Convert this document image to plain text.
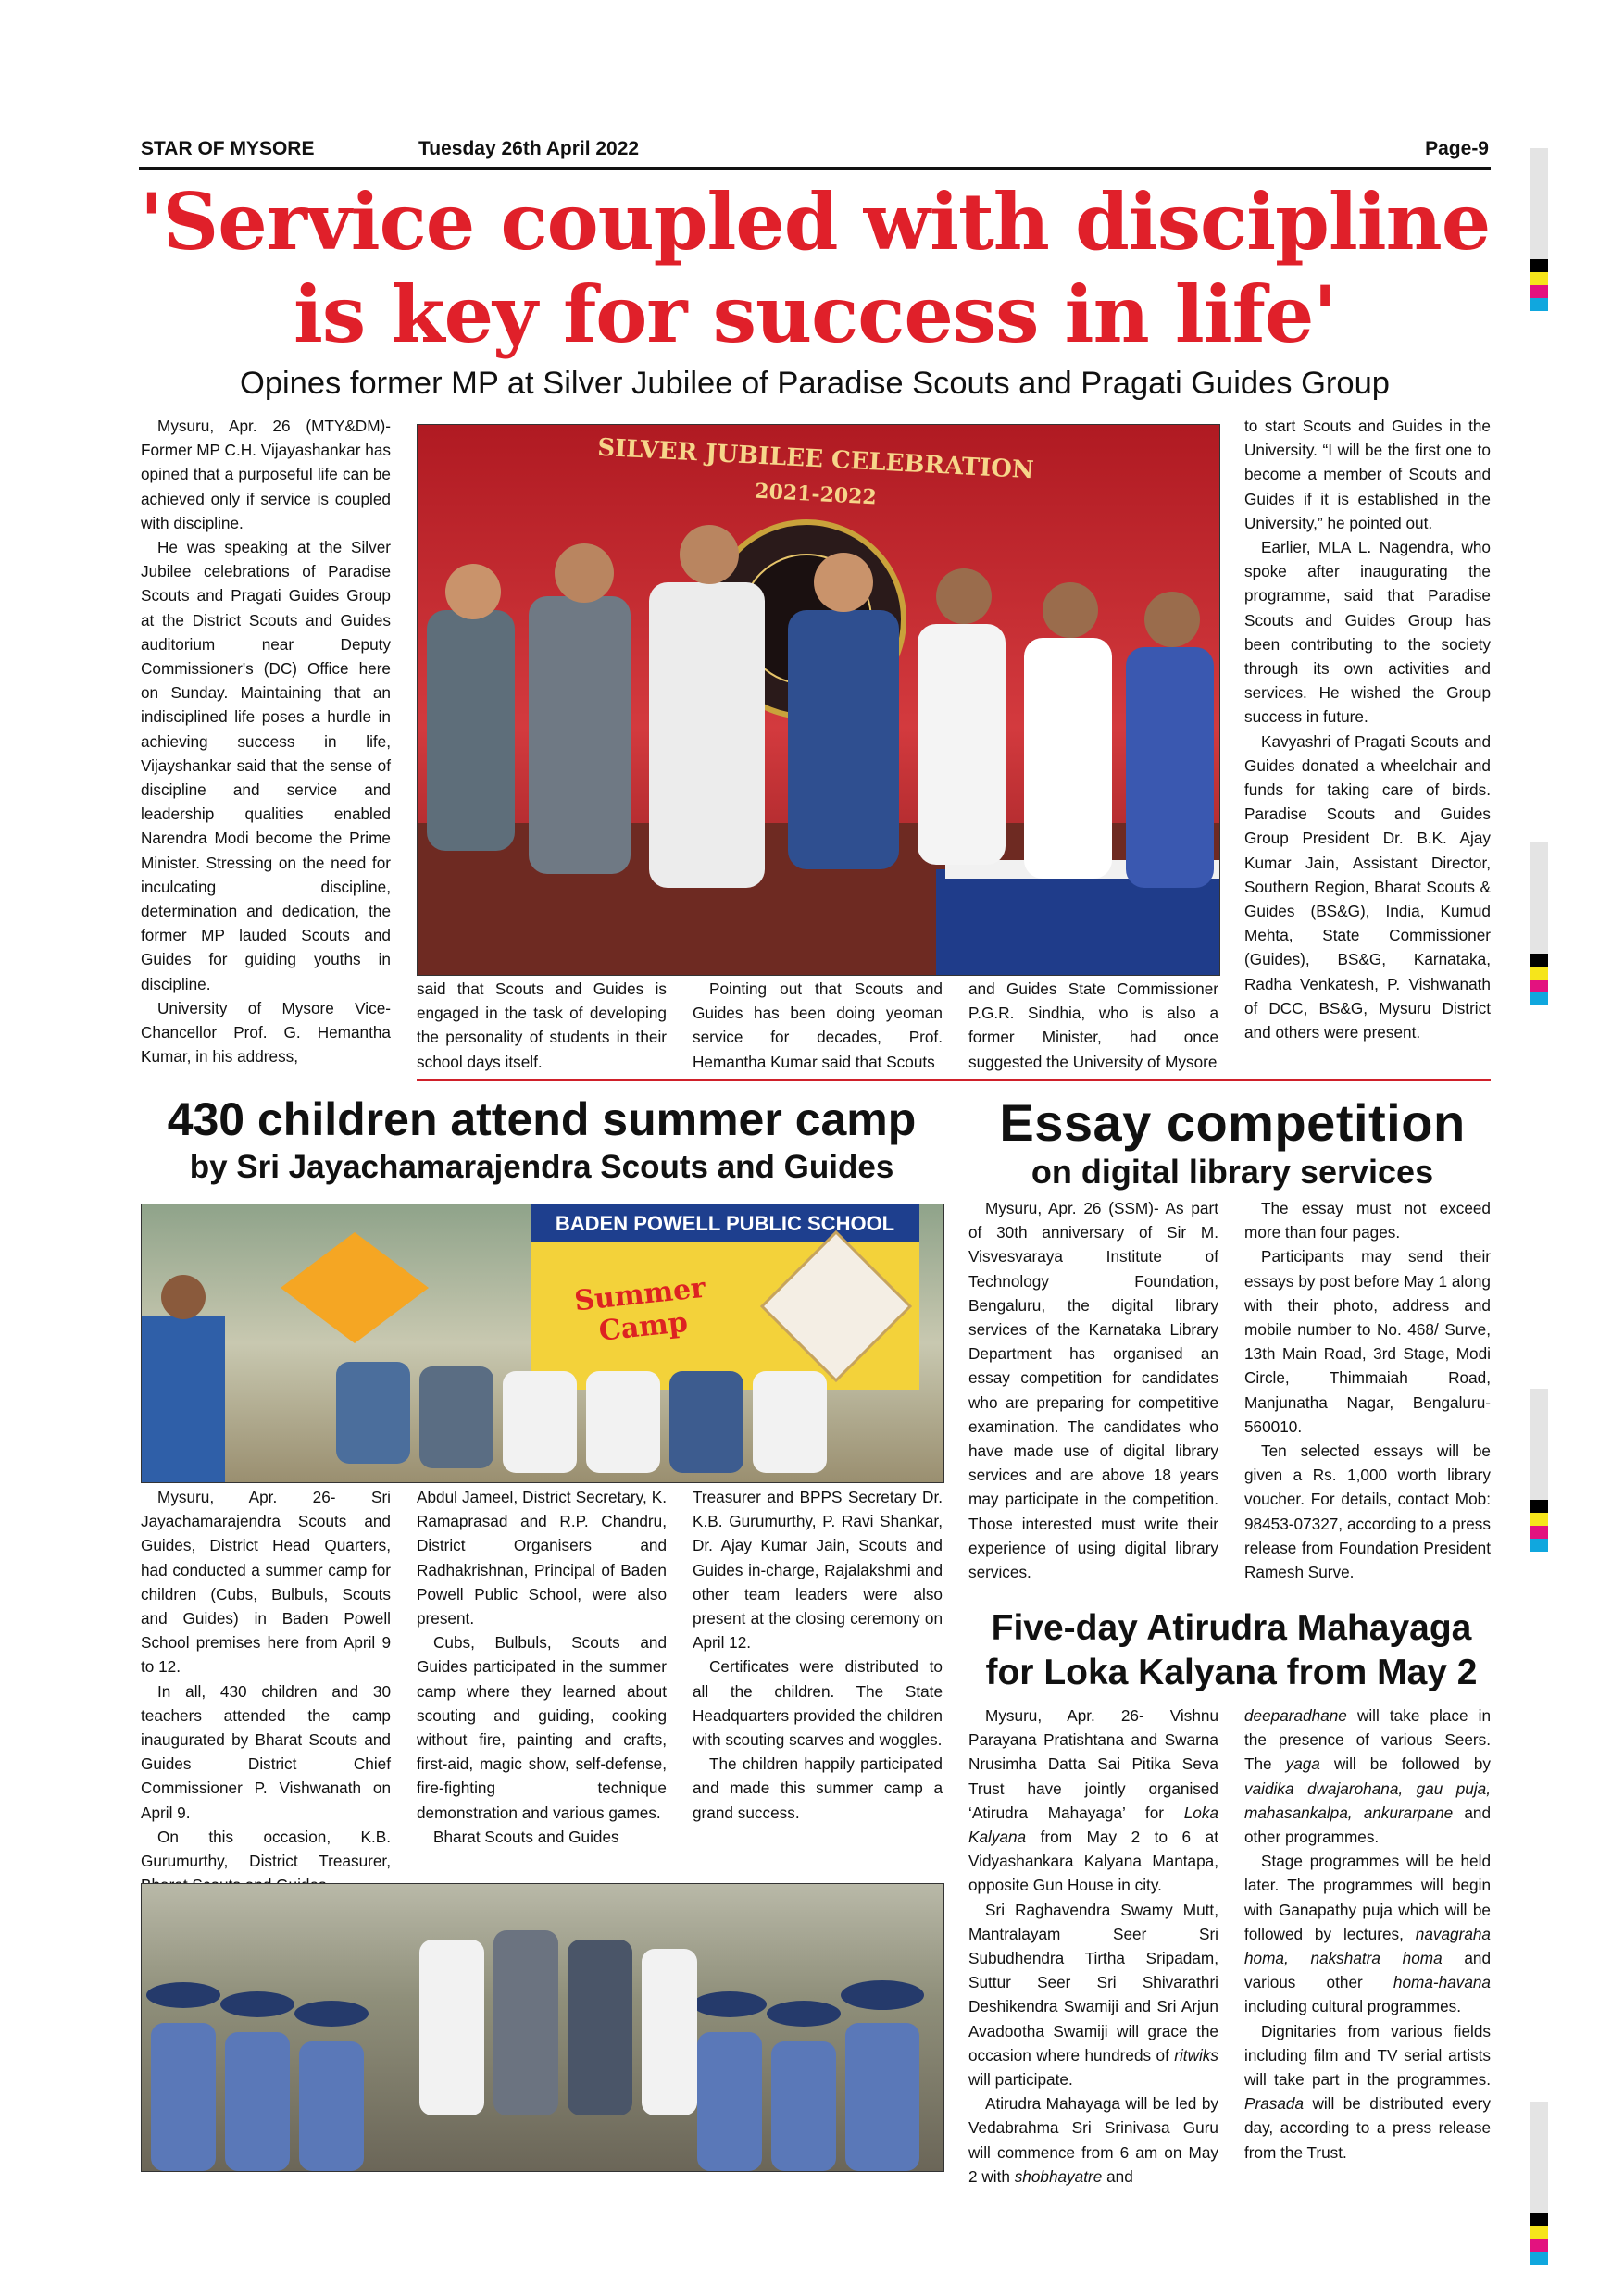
STAR OF MYSORE	Tuesday 26th April 2022	Page-9
'Service coupled with discipline
is key for success in life'
Opines former MP at Silver Jubilee of Paradise Scouts and Pragati Guides Group

Mysuru, Apr. 26 (MTY&DM)- Former MP C.H. Vijayashankar has opined that a purposeful life can be achieved only if service is coupled with discipline.

He was speaking at the Silver Jubilee celebrations of Paradise Scouts and Pragati Guides Group at the District Scouts and Guides auditorium near Deputy Commissioner's (DC) Office here on Sunday. Maintaining that an indisciplined life poses a hurdle in achieving success in life, Vijayshankar said that the sense of discipline and service and leadership qualities enabled Narendra Modi become the Prime Minister. Stressing on the need for inculcating discipline, determination and dedication, the former MP lauded Scouts and Guides for guiding youths in discipline.

University of Mysore Vice-Chancellor Prof. G. Hemantha Kumar, in his address,

SILVER JUBILEE CELEBRATION
2021-2022
said that Scouts and Guides is engaged in the task of developing the personality of students in their school days itself.
Pointing out that Scouts and Guides has been doing yeoman service for decades, Prof. Hemantha Kumar said that Scouts
and Guides State Commissioner P.G.R. Sindhia, who is also a former Minister, had once suggested the University of Mysore

to start Scouts and Guides in the University. “I will be the first one to become a member of Scouts and Guides if it is established in the University,” he pointed out.

Earlier, MLA L. Nagendra, who spoke after inaugurating the programme, said that Paradise Scouts and Guides Group has been contributing to the society through its own activities and services. He wished the Group success in future.

Kavyashri of Pragati Scouts and Guides donated a wheelchair and funds for taking care of birds. Paradise Scouts and Guides Group President Dr. B.K. Ajay Kumar Jain, Assistant Director, Southern Region, Bharat Scouts & Guides (BS&G), India, Kumud Mehta, State Commissioner (Guides), BS&G, Karnataka, Radha Venkatesh, P. Vishwanath of DCC, BS&G, Mysuru District and others were present.

430 children attend summer camp
by Sri Jayachamarajendra Scouts and Guides
BADEN POWELL PUBLIC SCHOOL
Summer Camp

Mysuru, Apr. 26- Sri Jayachamarajendra Scouts and Guides, District Head Quarters, had conducted a summer camp for children (Cubs, Bulbuls, Scouts and Guides) in Baden Powell School premises here from April 9 to 12.

In all, 430 children and 30 teachers attended the camp inaugurated by Bharat Scouts and Guides District Chief Commissioner P. Vishwanath on April 9.

On this occasion, K.B. Gurumurthy, District Treasurer,

Abdul Jameel, District Secretary, K. Ramaprasad and R.P. Chandru, District Organisers and Radhakrishnan, Principal of Baden Powell Public School, were also present.

Cubs, Bulbuls, Scouts and Guides participated in the summer camp where they learned about scouting and guiding, cooking without fire, painting and crafts, first-aid, magic show, self-defense, fire-fighting technique demonstration and various games.

Bharat Scouts and Guides

Treasurer and BPPS Secretary Dr. K.B. Gurumurthy, P. Ravi Shankar, Dr. Ajay Kumar Jain, Scouts and Guides in-charge, Rajalakshmi and other team leaders were also present at the closing ceremony on April 12.

Certificates were distributed to all the children. The State Headquarters provided the children with scouting scarves and woggles.

The children happily participated and made this summer camp a grand success.

Essay competition
on digital library services
Mysuru, Apr. 26 (SSM)- As part of 30th anniversary of Sir M. Visvesvaraya Institute of Technology Foundation, Bengaluru, the digital library services of the Karnataka Library Department has organised an essay competition for candidates who are preparing for competitive examination. The candidates who have made use of digital library services and are above 18 years may participate in the competition. Those interested must write their experience of using digital library services.

The essay must not exceed more than four pages.

Participants may send their essays by post before May 1 along with their photo, address and mobile number to No. 468/ Surve, 13th Main Road, 3rd Stage, Modi Circle, Thimmaiah Road, Manjunatha Nagar, Bengaluru-560010.

Ten selected essays will be given a Rs. 1,000 worth library voucher. For details, contact Mob: 98453-07327, according to a press release from Foundation President Ramesh Surve.

Five-day Atirudra Mahayaga
for Loka Kalyana from May 2

Mysuru, Apr. 26- Vishnu Parayana Pratishtana and Swarna Nrusimha Datta Sai Pitika Seva Trust have jointly organised ‘Atirudra Mahayaga’ for Loka Kalyana from May 2 to 6 at Vidyashankara Kalyana Mantapa, opposite Gun House in city.

Sri Raghavendra Swamy Mutt, Mantralayam Seer Sri Subudhendra Tirtha Sripadam, Suttur Seer Sri Shivarathri Deshikendra Swamiji and Sri Arjun Avadootha Swamiji will grace the occasion where hundreds of ritwiks will participate.

Atirudra Mahayaga will be led by Vedabrahma Sri Srinivasa Guru will commence from 6 am on May 2 with shobhayatre and

deeparadhane will take place in the presence of various Seers. The yaga will be followed by vaidika dwajarohana, gau puja, mahasankalpa, ankurarpane and other programmes.

Stage programmes will be held later. The programmes will begin with Ganapathy puja which will be followed by lectures, navagraha homa, nakshatra homa and various other homa-havana including cultural programmes.

Dignitaries from various fields including film and TV serial artists will take part in the programmes. Prasada will be distributed every day, according to a press release from the Trust.
